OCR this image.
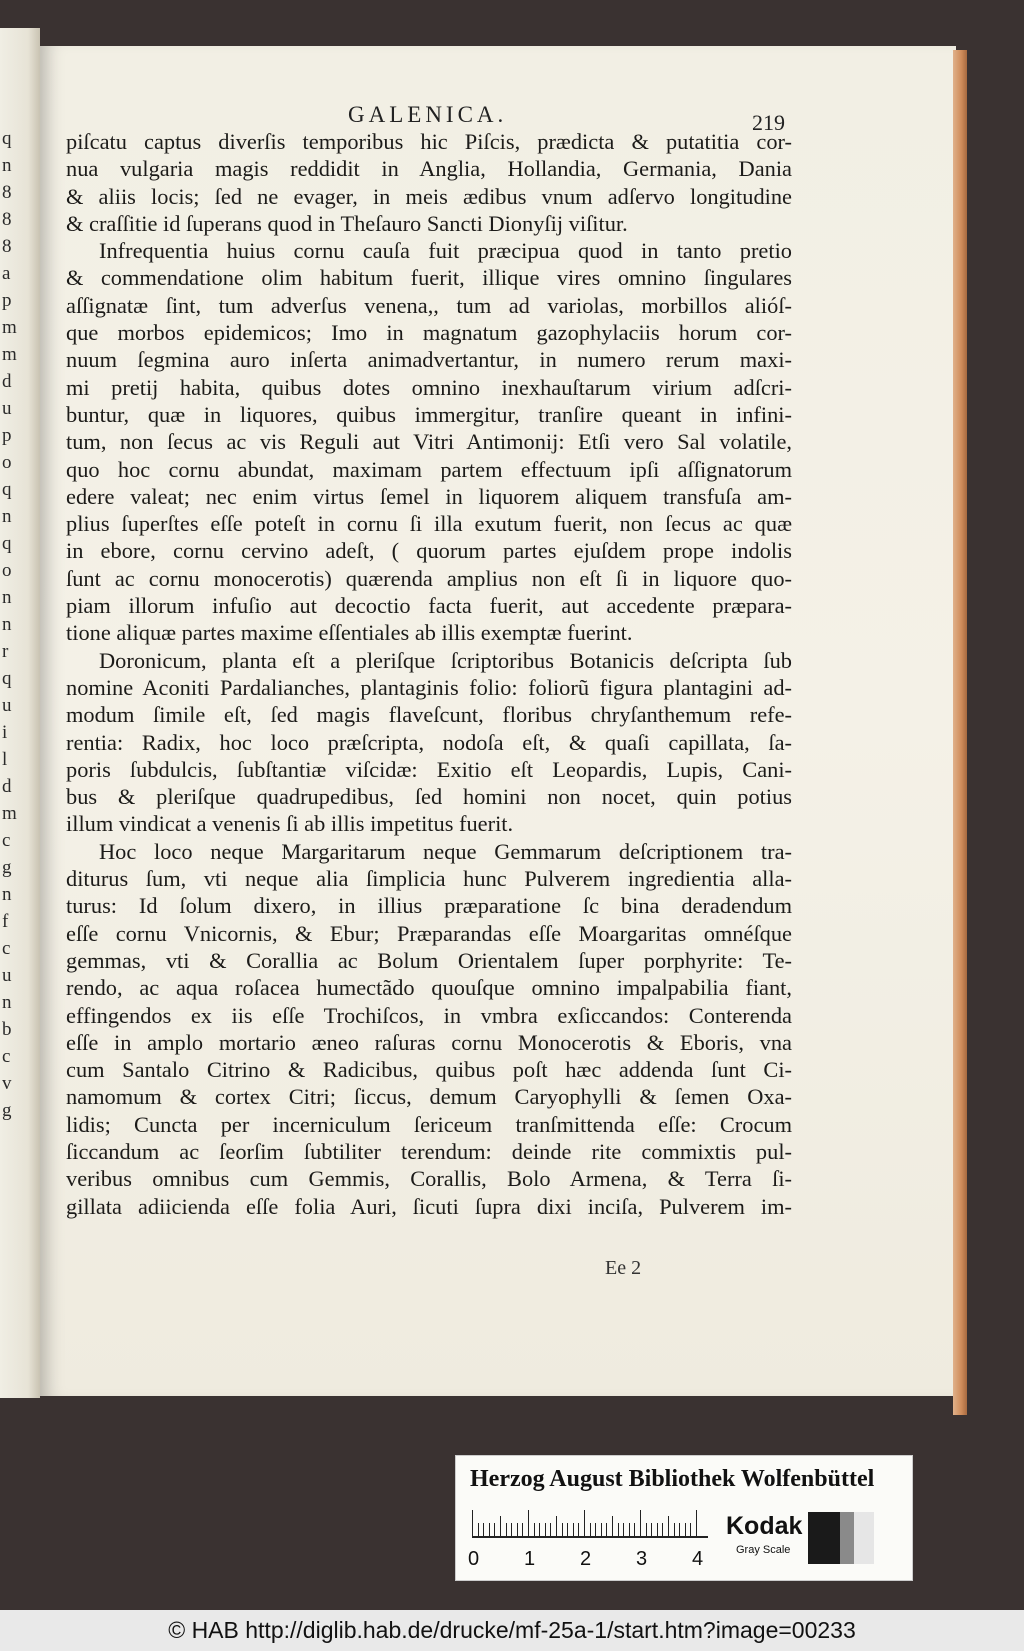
q
n
8
8
8
a
p
m
m
d
u
p
o
q
n
q
o
n
n
r
q
u
i
l
d
m
c
g
n
f
c
u
n
b
c
v
g
GALENICA.	219
piſcatu captus diverſis temporibus hic Piſcis, prædicta & putatitia cor-
nua vulgaria magis reddidit in Anglia, Hollandia, Germania, Dania
& aliis locis; ſed ne evager, in meis ædibus vnum adſervo longitudine
& craſſitie id ſuperans quod in Theſauro Sancti Dionyſij viſitur.
Infrequentia huius cornu cauſa fuit præcipua quod in tanto pretio
& commendatione olim habitum fuerit, illique vires omnino ſingulares
aſſignatæ ſint, tum adverſus venena,, tum ad variolas, morbillos alióſ-
que morbos epidemicos; Imo in magnatum gazophylaciis horum cor-
nuum ſegmina auro inſerta animadvertantur, in numero rerum maxi-
mi pretij habita, quibus dotes omnino inexhauſtarum virium adſcri-
buntur, quæ in liquores, quibus immergitur, tranſire queant in infini-
tum, non ſecus ac vis Reguli aut Vitri Antimonij: Etſi vero Sal volatile,
quo hoc cornu abundat, maximam partem effectuum ipſi aſſignatorum
edere valeat; nec enim virtus ſemel in liquorem aliquem transfuſa am-
plius ſuperſtes eſſe poteſt in cornu ſi illa exutum fuerit, non ſecus ac quæ
in ebore, cornu cervino adeſt, ( quorum partes ejuſdem prope indolis
ſunt ac cornu monocerotis) quærenda amplius non eſt ſi in liquore quo-
piam illorum infuſio aut decoctio facta fuerit, aut accedente præpara-
tione aliquæ partes maxime eſſentiales ab illis exemptæ fuerint.
Doronicum, planta eſt a pleriſque ſcriptoribus Botanicis deſcripta ſub
nomine Aconiti Pardalianches, plantaginis folio: foliorũ figura plantagini ad-
modum ſimile eſt, ſed magis flaveſcunt, floribus chryſanthemum refe-
rentia: Radix, hoc loco præſcripta, nodoſa eſt, & quaſi capillata, ſa-
poris ſubdulcis, ſubſtantiæ viſcidæ: Exitio eſt Leopardis, Lupis, Cani-
bus & pleriſque quadrupedibus, ſed homini non nocet, quin potius
illum vindicat a venenis ſi ab illis impetitus fuerit.
Hoc loco neque Margaritarum neque Gemmarum deſcriptionem tra-
diturus ſum, vti neque alia ſimplicia hunc Pulverem ingredientia alla-
turus: Id ſolum dixero, in illius præparatione ſc bina deradendum
eſſe cornu Vnicornis, & Ebur; Præparandas eſſe Moargaritas omnéſque
gemmas, vti & Corallia ac Bolum Orientalem ſuper porphyrite: Te-
rendo, ac aqua roſacea humectãdo quouſque omnino impalpabilia fiant,
effingendos ex iis eſſe Trochiſcos, in vmbra exſiccandos: Conterenda
eſſe in amplo mortario æneo raſuras cornu Monocerotis & Eboris, vna
cum Santalo Citrino & Radicibus, quibus poſt hæc addenda ſunt Ci-
namomum & cortex Citri; ſiccus, demum Caryophylli & ſemen Oxa-
lidis; Cuncta per incerniculum ſericeum tranſmittenda eſſe: Crocum
ſiccandum ac ſeorſim ſubtiliter terendum: deinde rite commixtis pul-
veribus omnibus cum Gemmis, Corallis, Bolo Armena, & Terra ſi-
gillata adiicienda eſſe folia Auri, ſicuti ſupra dixi inciſa, Pulverem im-
Ee 2
Herzog August Bibliothek Wolfenbüttel
0 1 2 3 4
Kodak
Gray Scale
© HAB http://diglib.hab.de/drucke/mf-25a-1/start.htm?image=00233
